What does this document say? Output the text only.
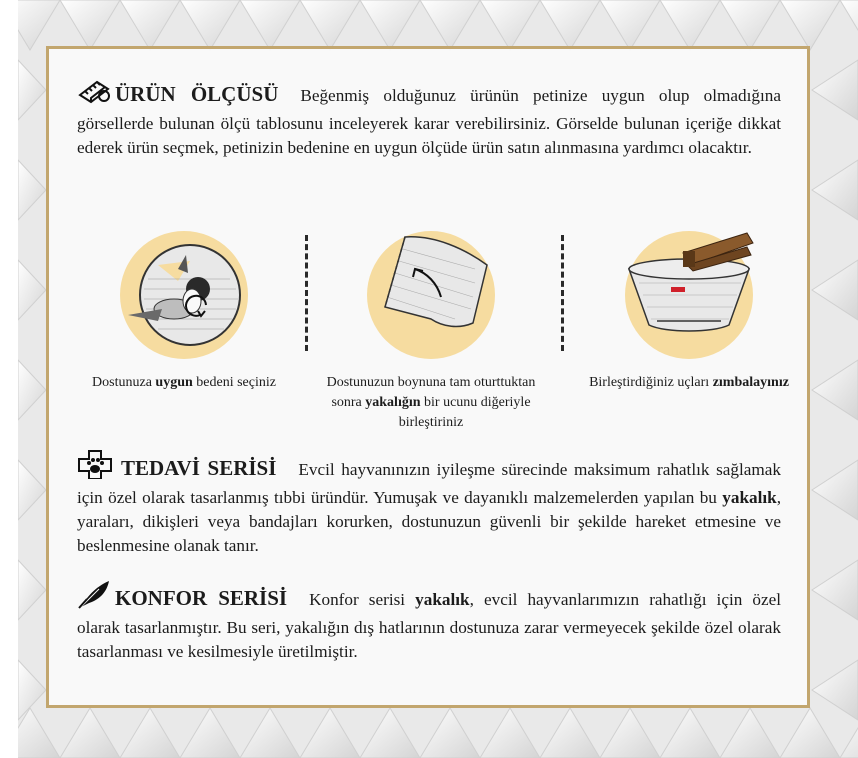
ÜRÜN ÖLÇÜSÜ Beğenmiş olduğunuz ürünün petinize uygun olup olmadığına görsellerde bulunan ölçü tablosunu inceleyerek karar verebilirsiniz. Görselde bulunan içeriğe dikkat ederek ürün seçmek, petinizin bedenine en uygun ölçüde ürün satın alınmasına yardımcı olacaktır.
Dostunuza uygun bedeni seçiniz	Dostunuzun boynuna tam oturttuktan sonra yakalığın bir ucunu diğeriyle birleştiriniz
Birleştirdiğiniz uçları zımbalayınız
TEDAVİ SERİSİ Evcil hayvanınızın iyileşme sürecinde maksimum rahatlık sağlamak için özel olarak tasarlanmış tıbbi üründür. Yumuşak ve dayanıklı malzemelerden yapılan bu yakalık, yaraları, dikişleri veya bandajları korurken, dostunuzun güvenli bir şekilde hareket etmesine ve beslenmesine olanak tanır.
KONFOR SERİSİ Konfor serisi yakalık, evcil hayvanlarımızın rahatlığı için özel olarak tasarlanmıştır. Bu seri, yakalığın dış hatlarının dostunuza zarar vermeyecek şekilde özel olarak tasarlanması ve kesilmesiyle üretilmiştir.
